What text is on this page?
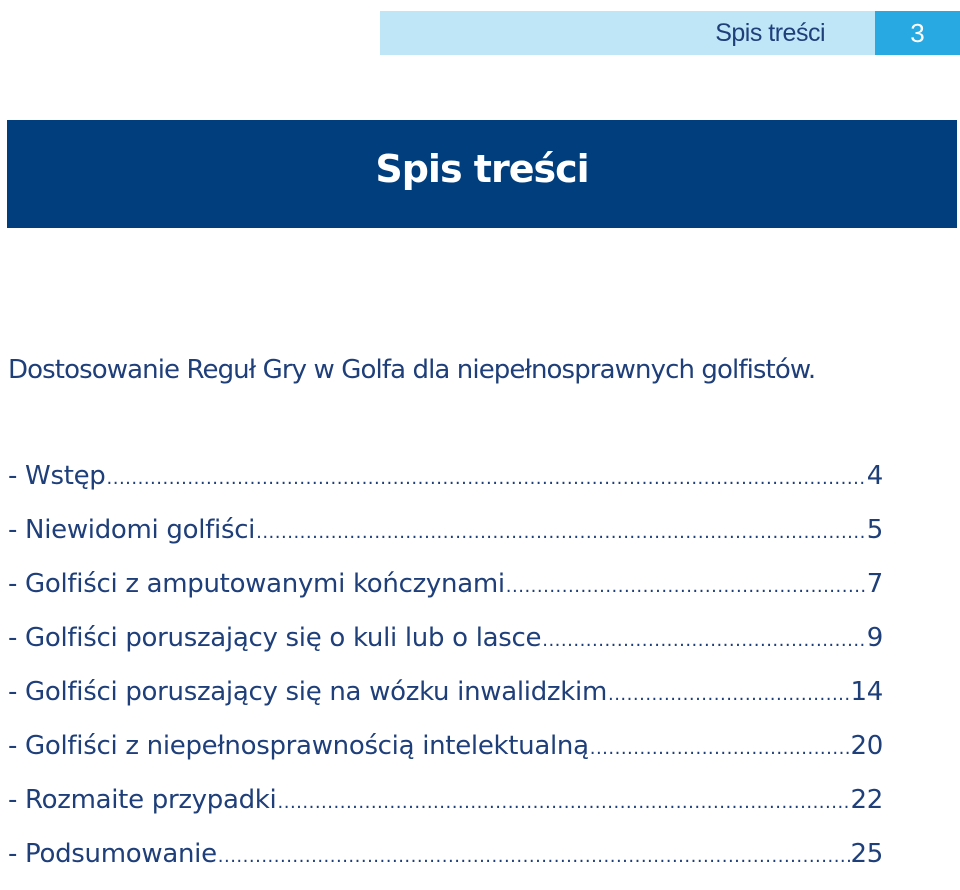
Spis treści	3
Spis treści
Dostosowanie Reguł Gry w Golfa dla niepełnosprawnych golfistów.
- Wstęp .....	4
- Niewidomi golfiści .....	5
- Golfiści z amputowanymi kończynami .....	7
- Golfiści poruszający się o kuli lub o lasce .....	9
- Golfiści poruszający się na wózku inwalidzkim .....	14
- Golfiści z niepełnosprawnością intelektualną .....	20
- Rozmaite przypadki .....	22
- Podsumowanie .....	25
